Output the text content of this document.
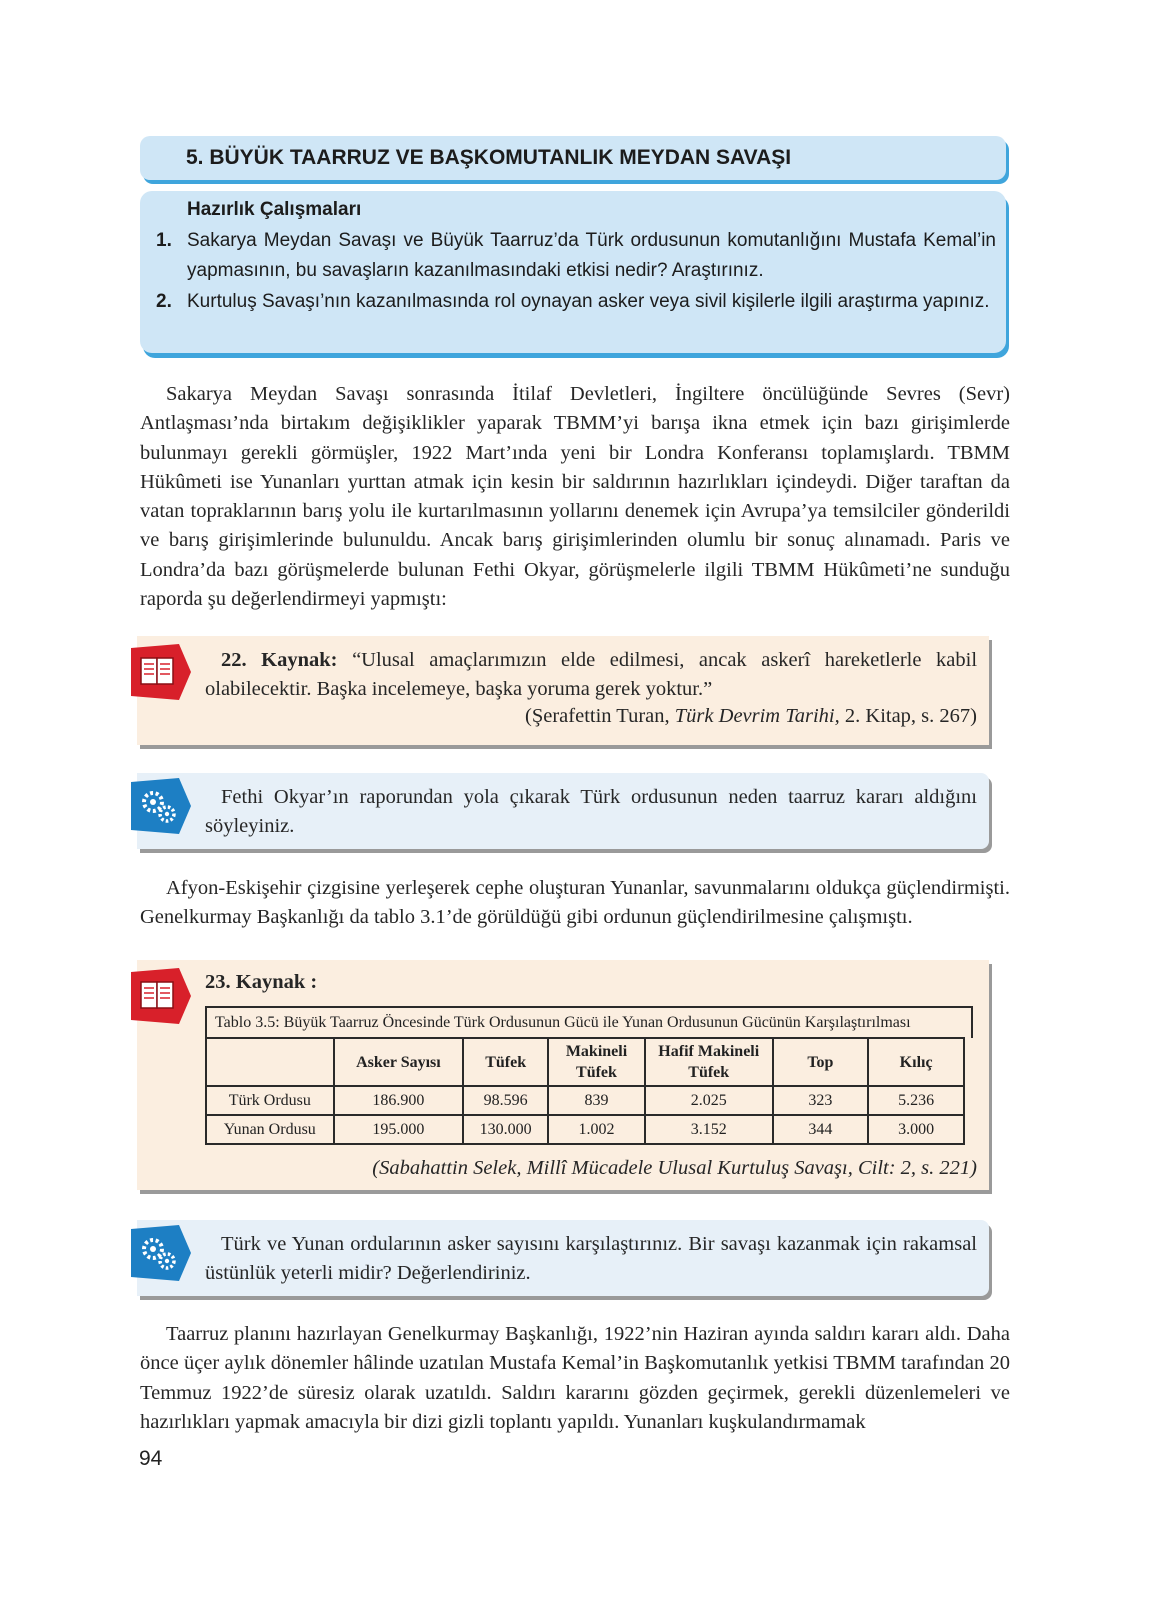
5. BÜYÜK TAARRUZ VE BAŞKOMUTANLIK MEYDAN SAVAŞI
Hazırlık Çalışmaları
1. Sakarya Meydan Savaşı ve Büyük Taarruz’da Türk ordusunun komutanlığını Mustafa Kemal’in yapmasının, bu savaşların kazanılmasındaki etkisi nedir? Araştırınız.
2. Kurtuluş Savaşı’nın kazanılmasında rol oynayan asker veya sivil kişilerle ilgili araştırma yapınız.
Sakarya Meydan Savaşı sonrasında İtilaf Devletleri, İngiltere öncülüğünde Sevres (Sevr) Antlaşması’nda birtakım değişiklikler yaparak TBMM’yi barışa ikna etmek için bazı girişimlerde bulunmayı gerekli görmüşler, 1922 Mart’ında yeni bir Londra Konferansı toplamışlardı. TBMM Hükûmeti ise Yunanları yurttan atmak için kesin bir saldırının hazırlıkları içindeydi. Diğer taraftan da vatan topraklarının barış yolu ile kurtarılmasının yollarını denemek için Avrupa’ya temsilciler gönderildi ve barış girişimlerinde bulunuldu. Ancak barış girişimlerinden olumlu bir sonuç alınamadı. Paris ve Londra’da bazı görüşmelerde bulunan Fethi Okyar, görüşmelerle ilgili TBMM Hükûmeti’ne sunduğu raporda şu değerlendirmeyi yapmıştı:
22. Kaynak: “Ulusal amaçlarımızın elde edilmesi, ancak askerî hareketlerle kabil olabilecektir. Başka incelemeye, başka yoruma gerek yoktur.”
(Şerafettin Turan, Türk Devrim Tarihi, 2. Kitap, s. 267)
Fethi Okyar’ın raporundan yola çıkarak Türk ordusunun neden taarruz kararı aldığını söyleyiniz.
Afyon-Eskişehir çizgisine yerleşerek cephe oluşturan Yunanlar, savunmalarını oldukça güçlendirmişti. Genelkurmay Başkanlığı da tablo 3.1’de görüldüğü gibi ordunun güçlendirilmesine çalışmıştı.
23. Kaynak :
(Sabahattin Selek, Millî Mücadele Ulusal Kurtuluş Savaşı, Cilt: 2, s. 221)
Tablo 3.5: Büyük Taarruz Öncesinde Türk Ordusunun Gücü ile Yunan Ordusunun Gücünün Karşılaştırılması
	Asker Sayısı	Tüfek	Makineli Tüfek	Hafif Makineli Tüfek	Top	Kılıç
Türk Ordusu	186.900	98.596	839	2.025	323	5.236
Yunan Ordusu	195.000	130.000	1.002	3.152	344	3.000
Türk ve Yunan ordularının asker sayısını karşılaştırınız. Bir savaşı kazanmak için rakamsal üstünlük yeterli midir? Değerlendiriniz.
Taarruz planını hazırlayan Genelkurmay Başkanlığı, 1922’nin Haziran ayında saldırı kararı aldı. Daha önce üçer aylık dönemler hâlinde uzatılan Mustafa Kemal’in Başkomutanlık yetkisi TBMM tarafından 20 Temmuz 1922’de süresiz olarak uzatıldı. Saldırı kararını gözden geçirmek, gerekli düzenlemeleri ve hazırlıkları yapmak amacıyla bir dizi gizli toplantı yapıldı. Yunanları kuşkulandırmamak
94
